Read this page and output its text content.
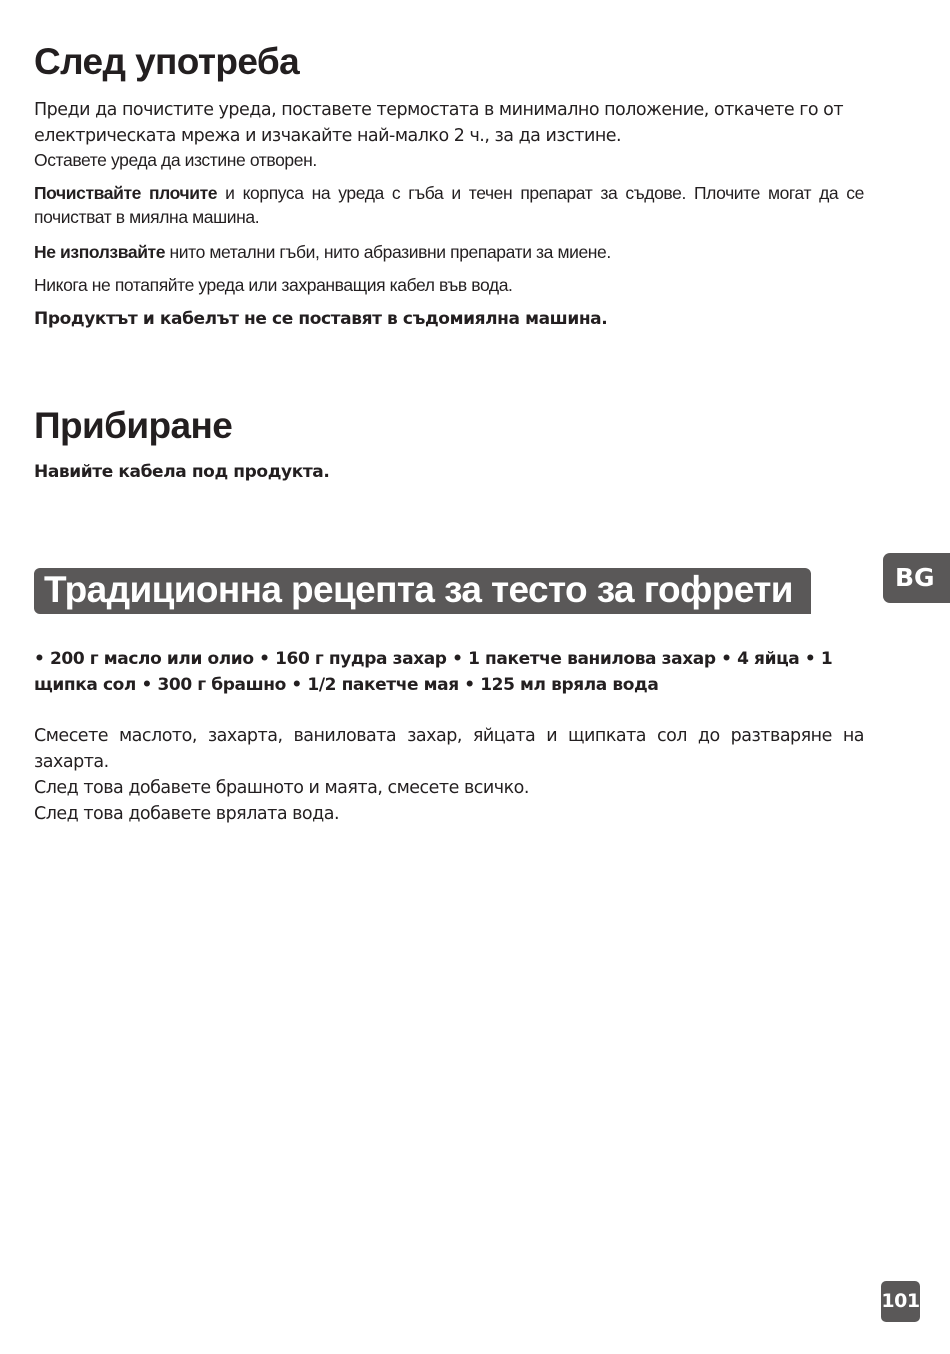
След употреба

Преди да почистите уреда, поставете термостата в минимално положение, откачете го от електрическата мрежа и изчакайте най-малко 2 ч., за да изстине.

Оставете уреда да изстине отворен.

Почиствайте плочите и корпуса на уреда с гъба и течен препарат за съдове. Плочите могат да се почистват в миялна машина.

Не използвайте нито метални гъби, нито абразивни препарати за миене.

Никога не потапяйте уреда или захранващия кабел във вода.

Продуктът и кабелът не се поставят в съдомиялна машина.

Прибиране

Навийте кабела под продукта.

Традиционна рецепта за тесто за гофрети

• 200 г масло или олио • 160 г пудра захар • 1 пакетче ванилова захар • 4 яйца • 1 щипка сол • 300 г брашно • 1/2 пакетче мая • 125 мл вряла вода

Смесете маслото, захарта, ваниловата захар, яйцата и щипката сол до разтваряне на захарта.

След това добавете брашното и маята, смесете всичко.

След това добавете врялата вода.

BG
101
